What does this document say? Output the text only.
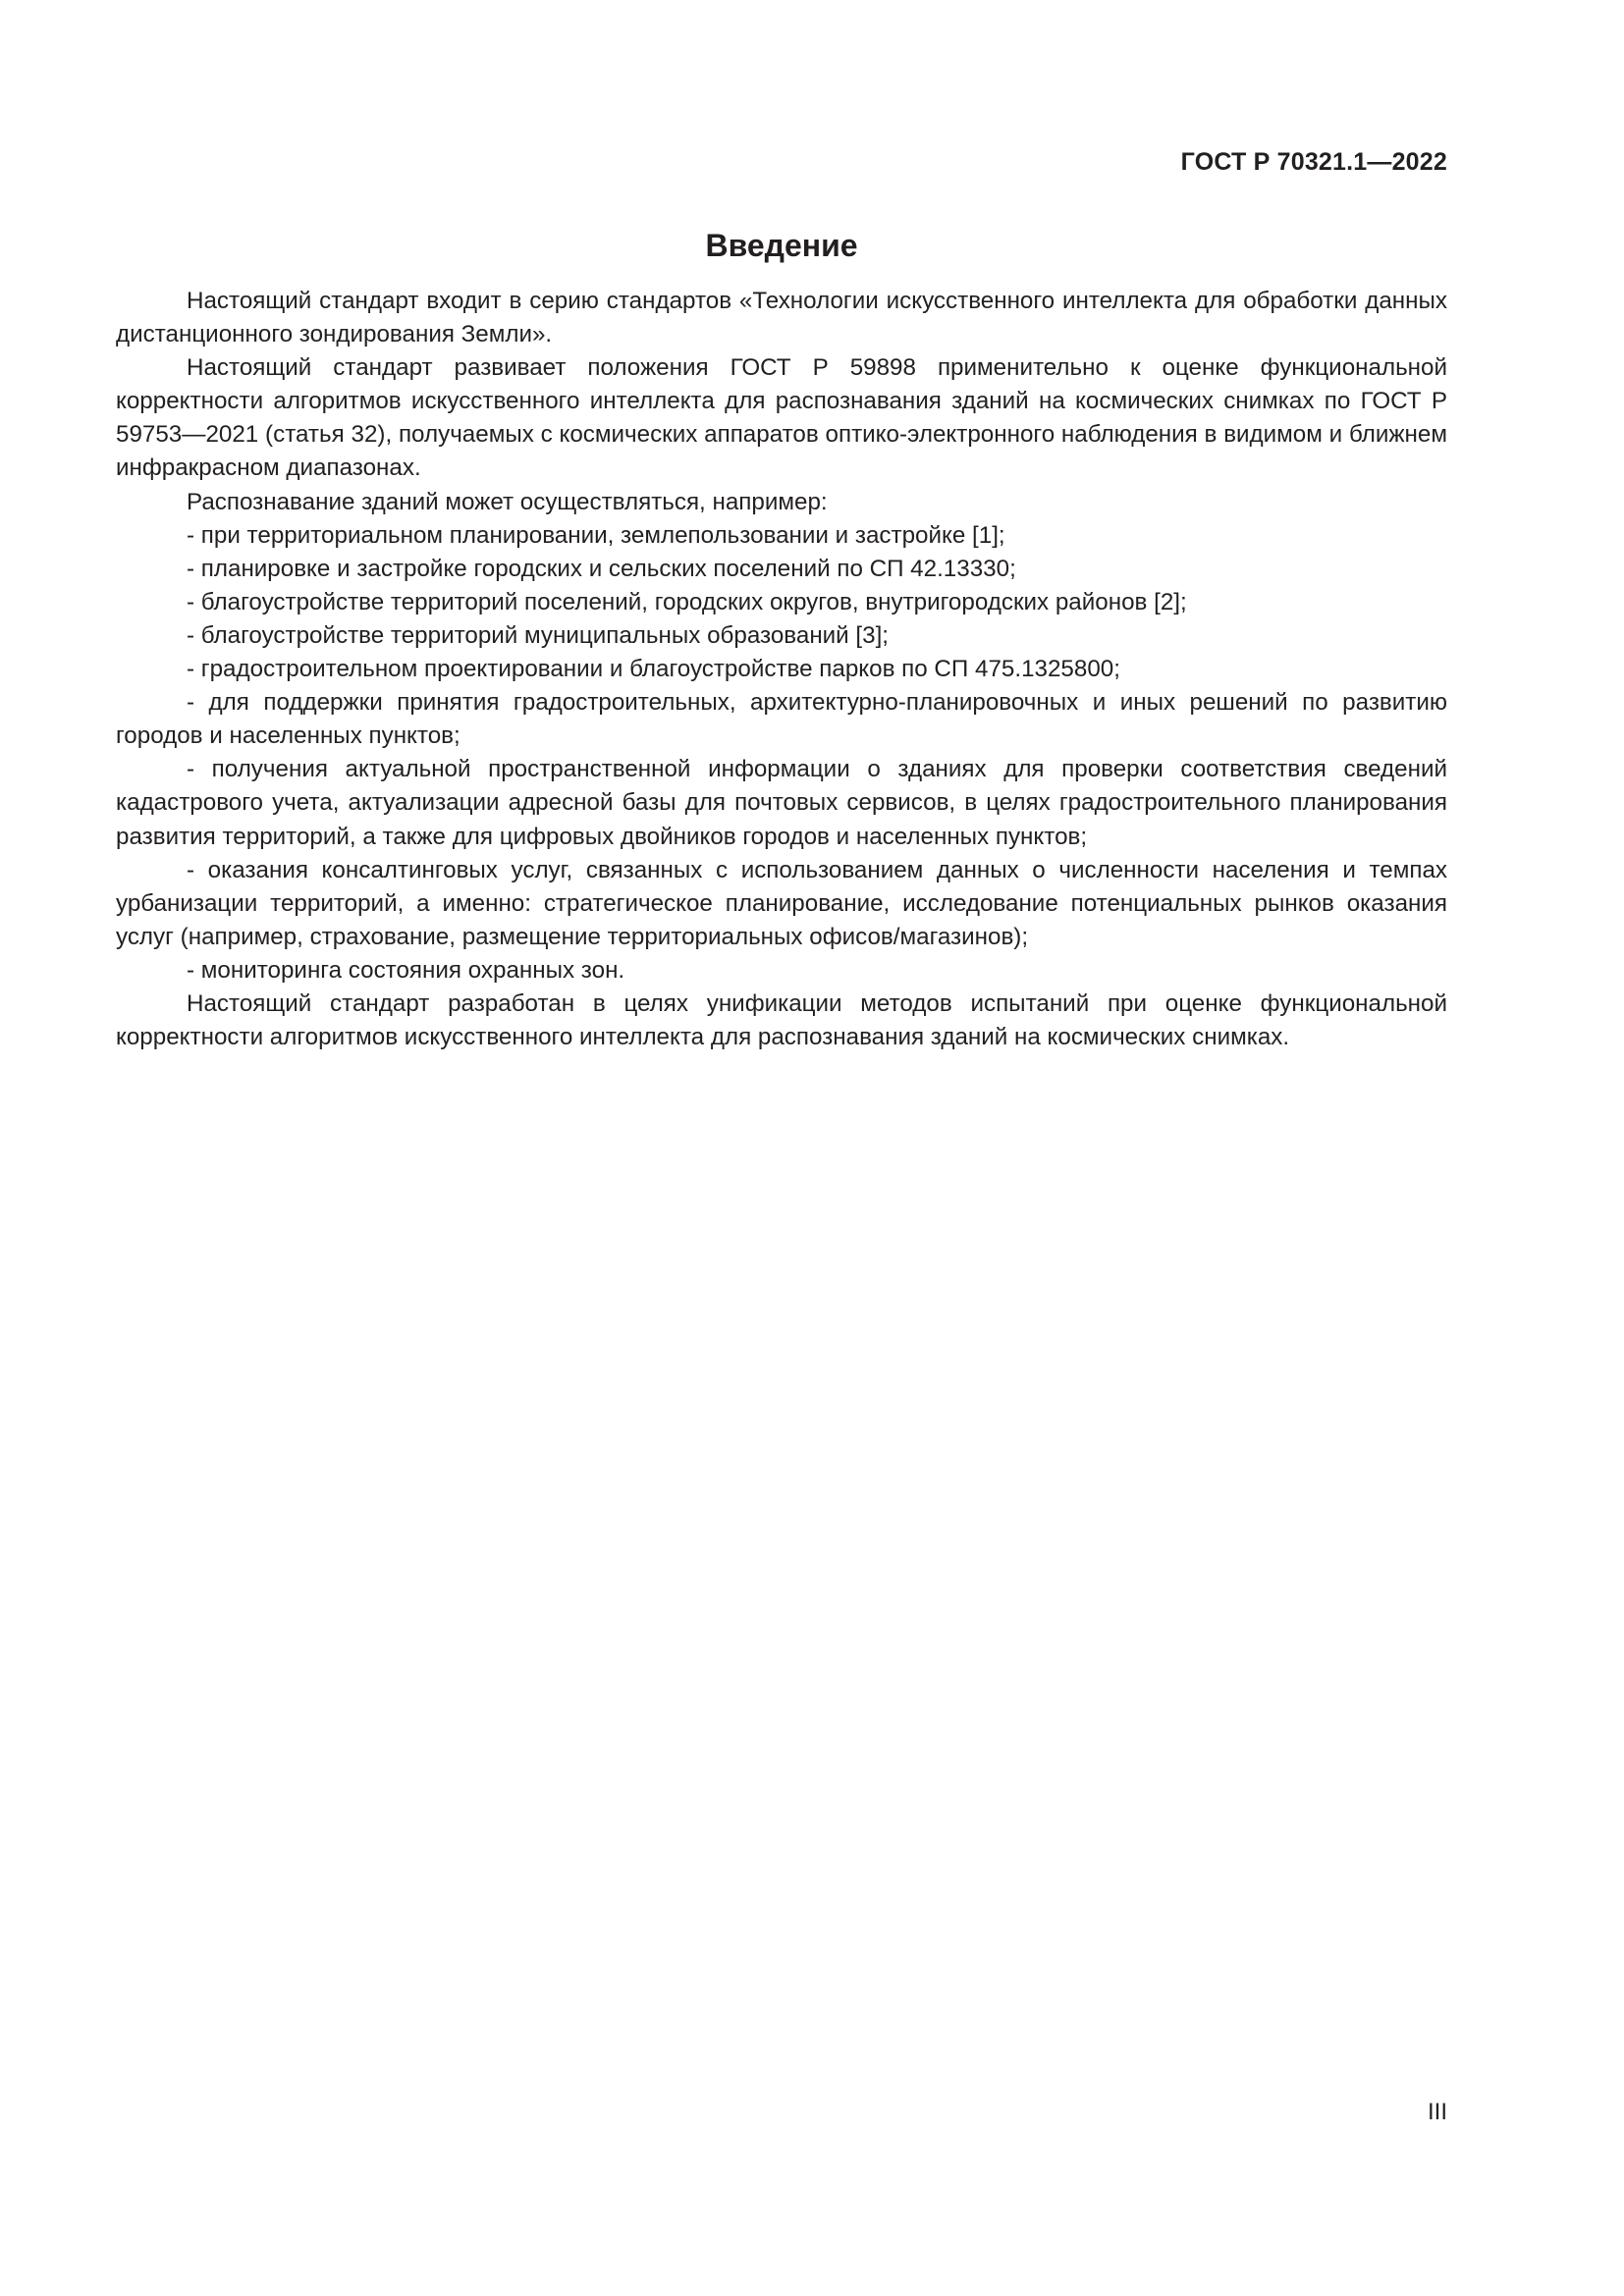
ГОСТ Р 70321.1—2022
Введение

Настоящий стандарт входит в серию стандартов «Технологии искусственного интеллекта для обработки данных дистанционного зондирования Земли».

Настоящий стандарт развивает положения ГОСТ Р 59898 применительно к оценке функциональной корректности алгоритмов искусственного интеллекта для распознавания зданий на космических снимках по ГОСТ Р 59753—2021 (статья 32), получаемых с космических аппаратов оптико-электронного наблюдения в видимом и ближнем инфракрасном диапазонах.

Распознавание зданий может осуществляться, например:

- при территориальном планировании, землепользовании и застройке [1];

- планировке и застройке городских и сельских поселений по СП 42.13330;

- благоустройстве территорий поселений, городских округов, внутригородских районов [2];

- благоустройстве территорий муниципальных образований [3];

- градостроительном проектировании и благоустройстве парков по СП 475.1325800;

- для поддержки принятия градостроительных, архитектурно-планировочных и иных решений по развитию городов и населенных пунктов;

- получения актуальной пространственной информации о зданиях для проверки соответствия сведений кадастрового учета, актуализации адресной базы для почтовых сервисов, в целях градостроительного планирования развития территорий, а также для цифровых двойников городов и населенных пунктов;

- оказания консалтинговых услуг, связанных с использованием данных о численности населения и темпах урбанизации территорий, а именно: стратегическое планирование, исследование потенциальных рынков оказания услуг (например, страхование, размещение территориальных офисов/магазинов);

- мониторинга состояния охранных зон.

Настоящий стандарт разработан в целях унификации методов испытаний при оценке функциональной корректности алгоритмов искусственного интеллекта для распознавания зданий на космических снимках.

III
